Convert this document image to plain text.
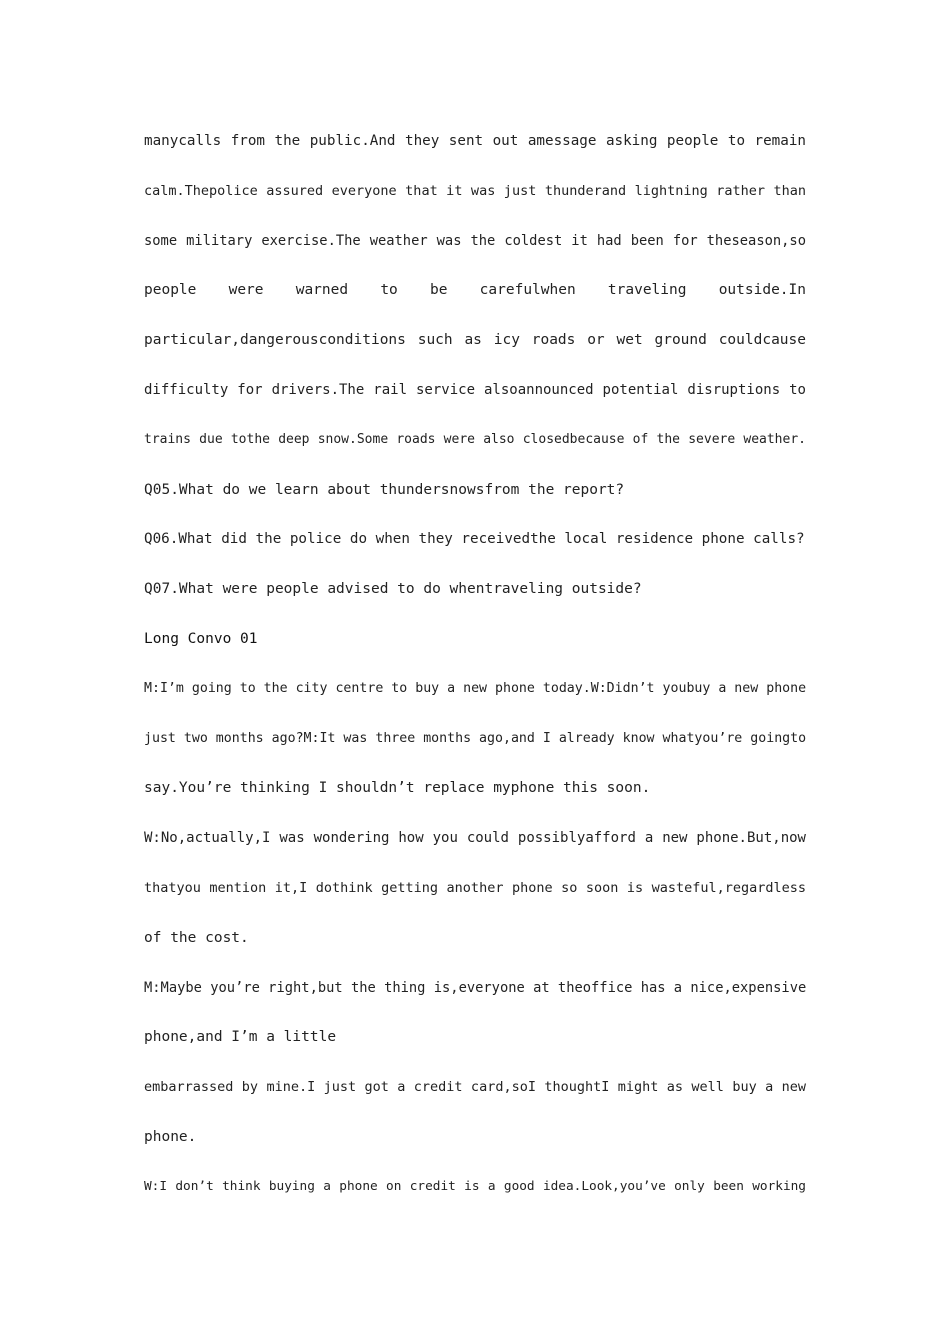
manycalls from the public.And they sent out amessage asking people to remain
calm.Thepolice assured everyone that it was just thunderand lightning rather than
some military exercise.The weather was the coldest it had been for theseason,so
people were warned to be carefulwhen traveling outside.In
particular,dangerousconditions such as icy roads or wet ground couldcause
difficulty for drivers.The rail service alsoannounced potential disruptions to
trains due tothe deep snow.Some roads were also closedbecause of the severe weather.
Q05.What do we learn about thundersnowsfrom the report?
Q06.What did the police do when they receivedthe local residence phone calls?
Q07.What were people advised to do whentraveling outside?
Long Convo 01
M:I’m going to the city centre to buy a new phone today.W:Didn’t youbuy a new phone
just two months ago?M:It was three months ago,and I already know whatyou’re goingto
say.You’re thinking I shouldn’t replace myphone this soon.
W:No,actually,I was wondering how you could possiblyafford a new phone.But,now
thatyou mention it,I dothink getting another phone so soon is wasteful,regardless
of the cost.
M:Maybe you’re right,but the thing is,everyone at theoffice has a nice,expensive
phone,and I’m a little
embarrassed by mine.I just got a credit card,soI thoughtI might as well buy a new
phone.
W:I don’t think buying a phone on credit is a good idea.Look,you’ve only been working
